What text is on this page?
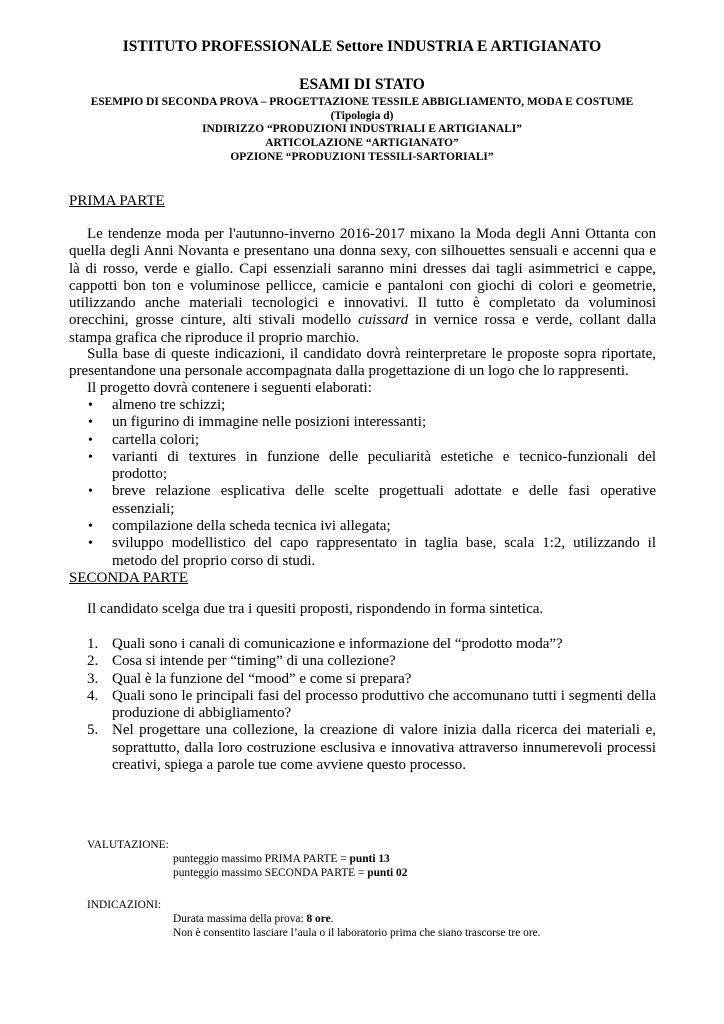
ISTITUTO PROFESSIONALE Settore INDUSTRIA E ARTIGIANATO
ESAMI DI STATO
ESEMPIO DI SECONDA PROVA – PROGETTAZIONE TESSILE ABBIGLIAMENTO, MODA E COSTUME
(Tipologia d)
INDIRIZZO “PRODUZIONI INDUSTRIALI E ARTIGIANALI”
ARTICOLAZIONE “ARTIGIANATO”
OPZIONE “PRODUZIONI TESSILI-SARTORIALI”
PRIMA PARTE

Le tendenze moda per l'autunno-inverno 2016-2017 mixano la Moda degli Anni Ottanta con quella degli Anni Novanta e presentano una donna sexy, con silhouettes sensuali e accenni qua e là di rosso, verde e giallo. Capi essenziali saranno mini dresses dai tagli asimmetrici e cappe, cappotti bon ton e voluminose pellicce, camicie e pantaloni con giochi di colori e geometrie, utilizzando anche materiali tecnologici e innovativi. Il tutto è completato da voluminosi orecchini, grosse cinture, alti stivali modello cuissard in vernice rossa e verde, collant dalla stampa grafica che riproduce il proprio marchio.

Sulla base di queste indicazioni, il candidato dovrà reinterpretare le proposte sopra riportate, presentandone una personale accompagnata dalla progettazione di un logo che lo rappresenti.

Il progetto dovrà contenere i seguenti elaborati:

• almeno tre schizzi;
• un figurino di immagine nelle posizioni interessanti;
• cartella colori;
• varianti di textures in funzione delle peculiarità estetiche e tecnico-funzionali del prodotto;
• breve relazione esplicativa delle scelte progettuali adottate e delle fasi operative essenziali;
• compilazione della scheda tecnica ivi allegata;
• sviluppo modellistico del capo rappresentato in taglia base, scala 1:2, utilizzando il metodo del proprio corso di studi.
SECONDA PARTE
Il candidato scelga due tra i quesiti proposti, rispondendo in forma sintetica.
1. Quali sono i canali di comunicazione e informazione del “prodotto moda”?
2. Cosa si intende per “timing” di una collezione?
3. Qual è la funzione del “mood” e come si prepara?
4. Quali sono le principali fasi del processo produttivo che accomunano tutti i segmenti della produzione di abbigliamento?
5. Nel progettare una collezione, la creazione di valore inizia dalla ricerca dei materiali e, soprattutto, dalla loro costruzione esclusiva e innovativa attraverso innumerevoli processi creativi, spiega a parole tue come avviene questo processo.
VALUTAZIONE:
punteggio massimo PRIMA PARTE = punti 13
punteggio massimo SECONDA PARTE = punti 02
INDICAZIONI:
Durata massima della prova: 8 ore.
Non è consentito lasciare l’aula o il laboratorio prima che siano trascorse tre ore.
